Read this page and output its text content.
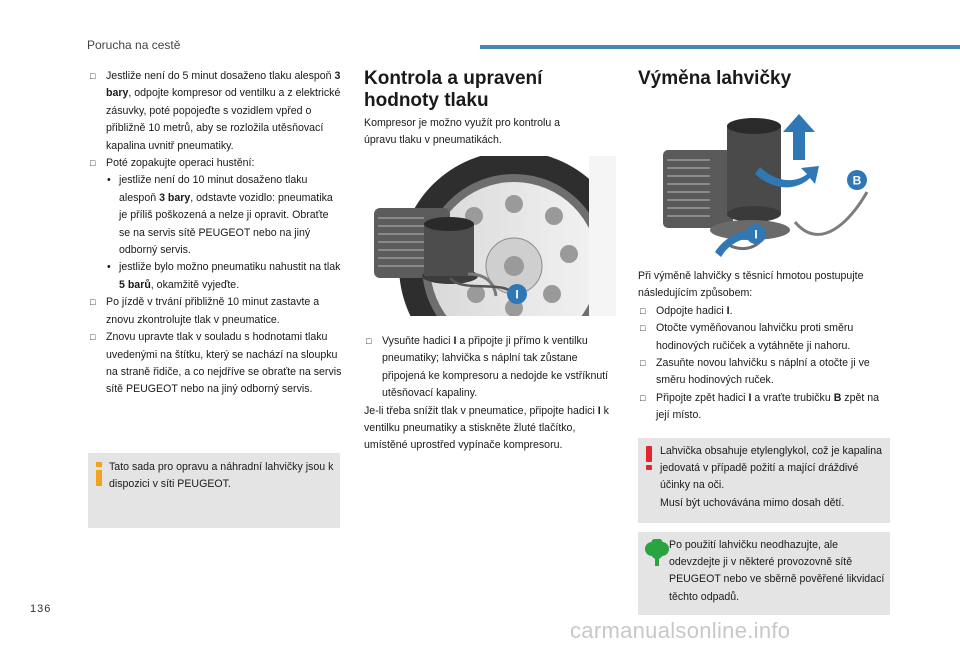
Porucha na cestě
□ Jestliže není do 5 minut dosaženo tlaku alespoň 3 bary, odpojte kompresor od ventilku a z elektrické zásuvky, poté popojeďte s vozidlem vpřed o přibližně 10 metrů, aby se rozložila utěsňovací kapalina uvnitř pneumatiky.
□ Poté zopakujte operaci hustění:
• jestliže není do 10 minut dosaženo tlaku alespoň 3 bary, odstavte vozidlo: pneumatika je příliš poškozená a nelze ji opravit. Obraťte se na servis sítě PEUGEOT nebo na jiný odborný servis.
• jestliže bylo možno pneumatiku nahustit na tlak 5 barů, okamžitě vyjeďte.
□ Po jízdě v trvání přibližně 10 minut zastavte a znovu zkontrolujte tlak v pneumatice.
□ Znovu upravte tlak v souladu s hodnotami tlaku uvedenými na štítku, který se nachází na sloupku na straně řidiče, a co nejdříve se obraťte na servis sítě PEUGEOT nebo na jiný odborný servis.
Tato sada pro opravu a náhradní lahvičky jsou k dispozici v síti PEUGEOT.
Kontrola a upravení hodnoty tlaku
Kompresor je možno využít pro kontrolu a úpravu tlaku v pneumatikách.
I
□ Vysuňte hadici I a připojte ji přímo k ventilku pneumatiky; lahvička s náplní tak zůstane připojená ke kompresoru a nedojde ke vstříknutí utěsňovací kapaliny.
Je-li třeba snížit tlak v pneumatice, připojte hadici I k ventilku pneumatiky a stiskněte žluté tlačítko, umístěné uprostřed vypínače kompresoru.
Výměna lahvičky
B
I
Při výměně lahvičky s těsnicí hmotou postupujte následujícím způsobem:
□ Odpojte hadici I.
□ Otočte vyměňovanou lahvičku proti směru hodinových ručiček a vytáhněte ji nahoru.
□ Zasuňte novou lahvičku s náplní a otočte ji ve směru hodinových ruček.
□ Připojte zpět hadici I a vraťte trubičku B zpět na její místo.
Lahvička obsahuje etylenglykol, což je kapalina jedovatá v případě požití a mající dráždivé účinky na oči.
Musí být uchovávána mimo dosah dětí.
Po použití lahvičku neodhazujte, ale odevzdejte ji v některé provozovně sítě PEUGEOT nebo ve sběrně pověřené likvidací těchto odpadů.
136
carmanualsonline.info
